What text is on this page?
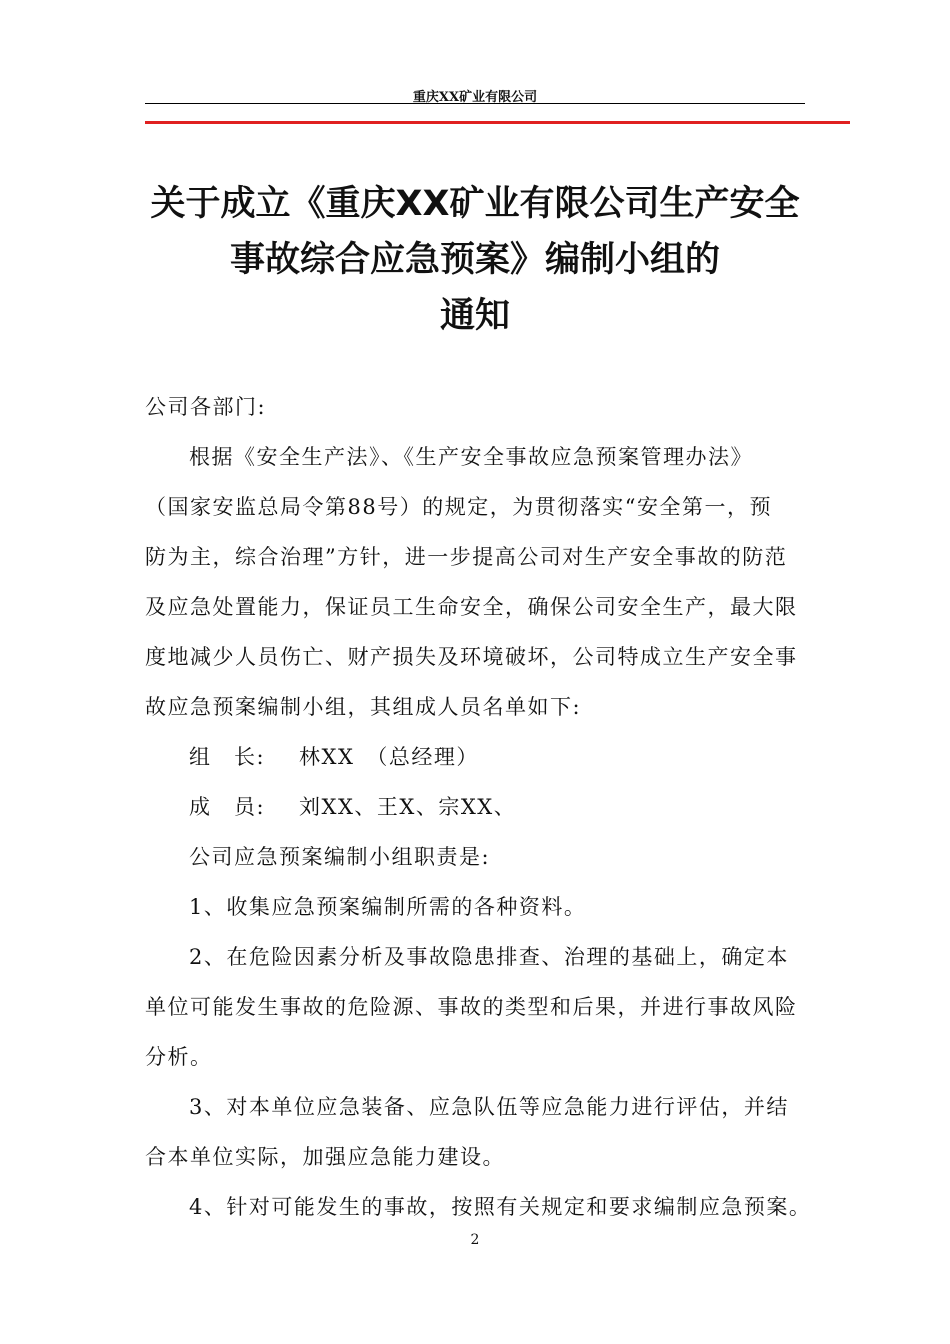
重庆XX矿业有限公司
关于成立《重庆XX矿业有限公司生产安全
事故综合应急预案》编制小组的
通知

公司各部门:

根据《安全生产法》、《生产安全事故应急预案管理办法》

（国家安监总局令第88号）的规定，为贯彻落实“安全第一，预

防为主，综合治理”方针，进一步提高公司对生产安全事故的防范

及应急处置能力，保证员工生命安全，确保公司安全生产，最大限

度地减少人员伤亡、财产损失及环境破坏，公司特成立生产安全事

故应急预案编制小组，其组成人员名单如下:

组　长: 林XX　（总经理）

成　员: 刘XX、王X、宗XX、

公司应急预案编制小组职责是:

1、收集应急预案编制所需的各种资料。

2、在危险因素分析及事故隐患排查、治理的基础上，确定本

单位可能发生事故的危险源、事故的类型和后果，并进行事故风险

分析。

3、对本单位应急装备、应急队伍等应急能力进行评估，并结

合本单位实际，加强应急能力建设。

4、针对可能发生的事故，按照有关规定和要求编制应急预案。

2
